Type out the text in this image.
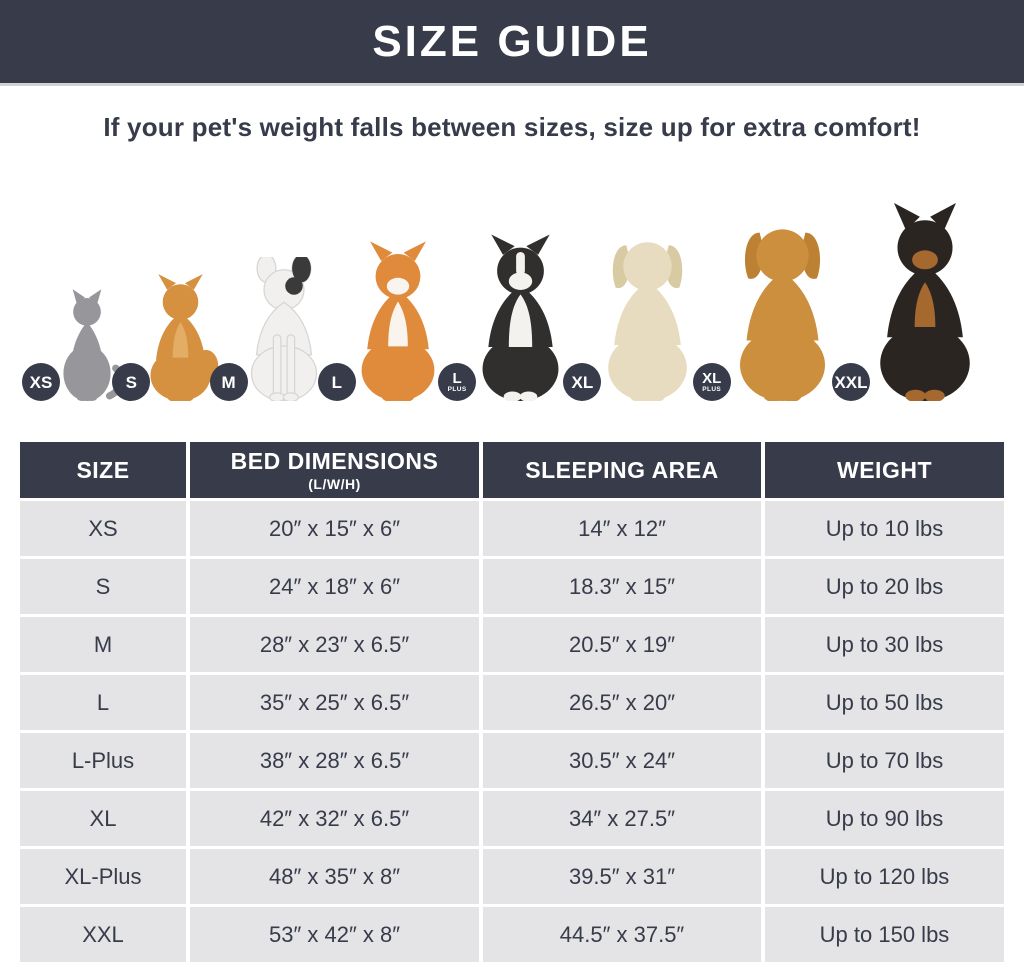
SIZE GUIDE
If your pet's weight falls between sizes, size up for extra comfort!
XS	S	M	L	L
PLUS	XL	XL
PLUS	XXL
SIZE	BED DIMENSIONS
(L/W/H)
SLEEPING AREA	WEIGHT
XS	20″ x 15″ x 6″	14″ x 12″	Up to 10 lbs
S	24″ x 18″ x 6″	18.3″ x 15″	Up to 20 lbs
M	28″ x 23″ x 6.5″	20.5″ x 19″	Up to 30 lbs
L	35″ x 25″ x 6.5″	26.5″ x 20″	Up to 50 lbs
L-Plus	38″ x 28″ x 6.5″	30.5″ x 24″	Up to 70 lbs
XL	42″ x 32″ x 6.5″	34″ x 27.5″	Up to 90 lbs
XL-Plus	48″ x 35″ x 8″	39.5″ x 31″	Up to 120 lbs
XXL	53″ x 42″ x 8″	44.5″ x 37.5″	Up to 150 lbs
